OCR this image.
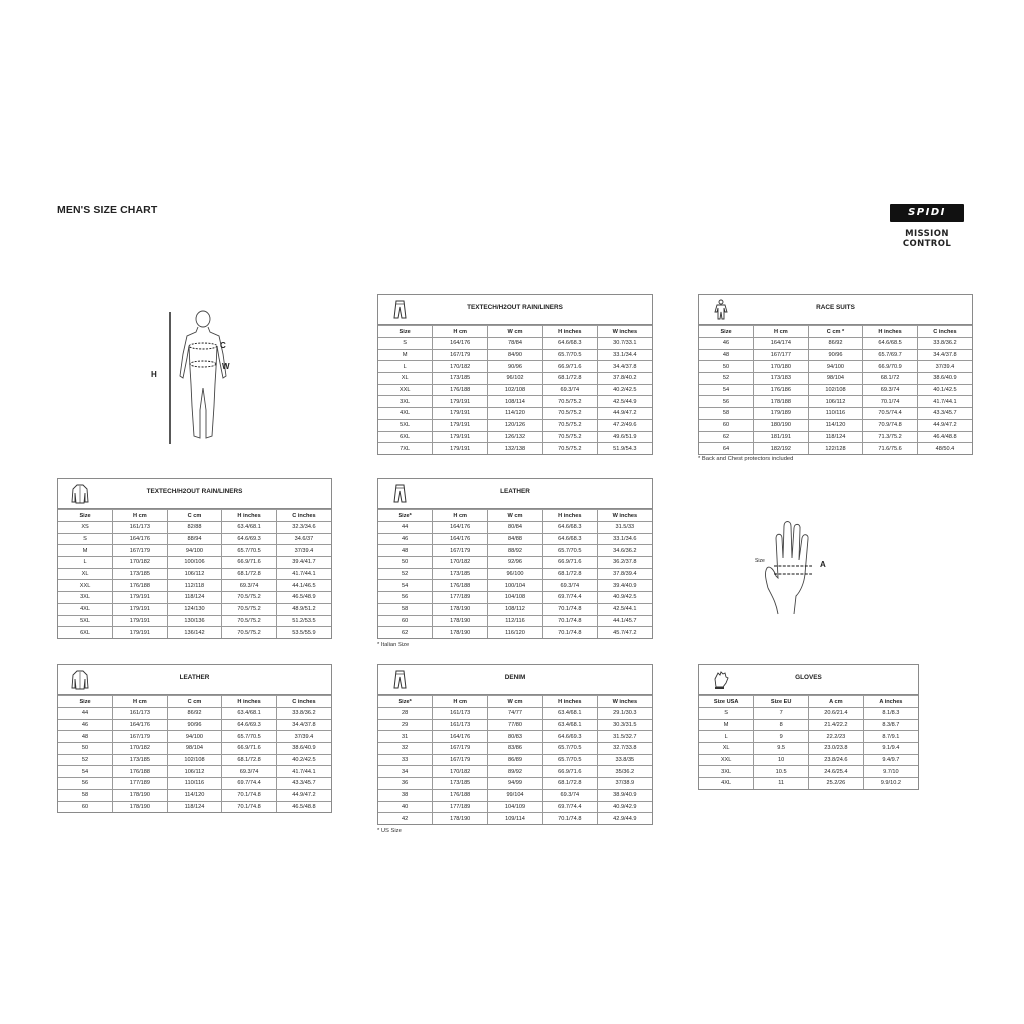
MEN'S SIZE CHART	SPIDI
MISSION CONTROL
H
C
W
Size	A
TEXTECH/H2OUT RAIN/LINERS
Size	H cm	W cm	H inches	W inches
S	164/176	78/84	64.6/68.3	30.7/33.1
M	167/179	84/90	65.7/70.5	33.1/34.4
L	170/182	90/96	66.9/71.6	34.4/37.8
XL	173/185	96/102	68.1/72.8	37.8/40.2
XXL	176/188	102/108	69.3/74	40.2/42.5
3XL	179/191	108/114	70.5/75.2	42.5/44.9
4XL	179/191	114/120	70.5/75.2	44.9/47.2
5XL	179/191	120/126	70.5/75.2	47.2/49.6
6XL	179/191	126/132	70.5/75.2	49.6/51.9
7XL	179/191	132/138	70.5/75.2	51.9/54.3
RACE SUITS
Size	H cm	C cm *	H inches	C inches
46	164/174	86/92	64.6/68.5	33.8/36.2
48	167/177	90/96	65.7/69.7	34.4/37.8
50	170/180	94/100	66.9/70.9	37/39.4
52	173/183	98/104	68.1/72	38.6/40.9
54	176/186	102/108	69.3/74	40.1/42.5
56	178/188	106/112	70.1/74	41.7/44.1
58	179/189	110/116	70.5/74.4	43.3/45.7
60	180/190	114/120	70.9/74.8	44.9/47.2
62	181/191	118/124	71.3/75.2	46.4/48.8
64	182/192	122/128	71.6/75.6	48/50.4
* Back and Chest protectors included
TEXTECH/H2OUT RAIN/LINERS
Size	H cm	C cm	H inches	C inches
XS	161/173	82/88	63.4/68.1	32.3/34.6
S	164/176	88/94	64.6/69.3	34.6/37
M	167/179	94/100	65.7/70.5	37/39.4
L	170/182	100/106	66.9/71.6	39.4/41.7
XL	173/185	106/112	68.1/72.8	41.7/44.1
XXL	176/188	112/118	69.3/74	44.1/46.5
3XL	179/191	118/124	70.5/75.2	46.5/48.9
4XL	179/191	124/130	70.5/75.2	48.9/51.2
5XL	179/191	130/136	70.5/75.2	51.2/53.5
6XL	179/191	136/142	70.5/75.2	53.5/55.9
LEATHER
Size*	H cm	W cm	H inches	W inches
44	164/176	80/84	64.6/68.3	31.5/33
46	164/176	84/88	64.6/68.3	33.1/34.6
48	167/179	88/92	65.7/70.5	34.6/36.2
50	170/182	92/96	66.9/71.6	36.2/37.8
52	173/185	96/100	68.1/72.8	37.8/39.4
54	176/188	100/104	69.3/74	39.4/40.9
56	177/189	104/108	69.7/74.4	40.9/42.5
58	178/190	108/112	70.1/74.8	42.5/44.1
60	178/190	112/116	70.1/74.8	44.1/45.7
62	178/190	116/120	70.1/74.8	45.7/47.2
* Italian Size
LEATHER
Size	H cm	C cm	H inches	C inches
44	161/173	86/92	63.4/68.1	33.8/36.2
46	164/176	90/96	64.6/69.3	34.4/37.8
48	167/179	94/100	65.7/70.5	37/39.4
50	170/182	98/104	66.9/71.6	38.6/40.9
52	173/185	102/108	68.1/72.8	40.2/42.5
54	176/188	106/112	69.3/74	41.7/44.1
56	177/189	110/116	69.7/74.4	43.3/45.7
58	178/190	114/120	70.1/74.8	44.9/47.2
60	178/190	118/124	70.1/74.8	46.5/48.8
DENIM
Size*	H cm	W cm	H inches	W inches
28	161/173	74/77	63.4/68.1	29.1/30.3
29	161/173	77/80	63.4/68.1	30.3/31.5
31	164/176	80/83	64.6/69.3	31.5/32.7
32	167/179	83/86	65.7/70.5	32.7/33.8
33	167/179	86/89	65.7/70.5	33.8/35
34	170/182	89/92	66.9/71.6	35/36.2
36	173/185	94/99	68.1/72.8	37/38.9
38	176/188	99/104	69.3/74	38.9/40.9
40	177/189	104/109	69.7/74.4	40.9/42.9
42	178/190	109/114	70.1/74.8	42.9/44.9
* US Size
GLOVES
Size USA	Size EU	A cm	A inches
S	7	20.6/21.4	8.1/8.3
M	8	21.4/22.2	8.3/8.7
L	9	22.2/23	8.7/9.1
XL	9.5	23.0/23.8	9.1/9.4
XXL	10	23.8/24.6	9.4/9.7
3XL	10.5	24.6/25.4	9.7/10
4XL	11	25.2/26	9.9/10.2
